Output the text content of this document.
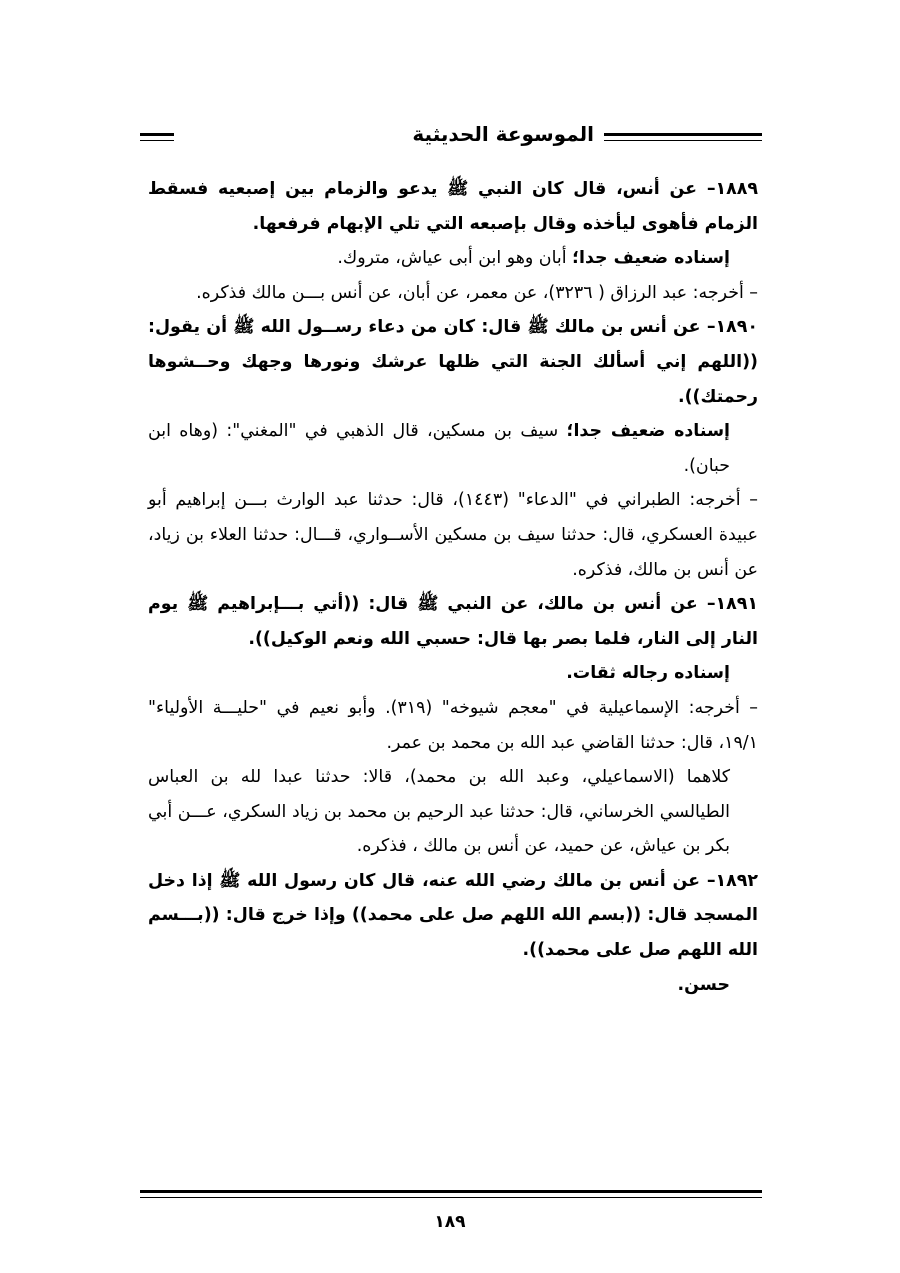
الموسوعة الحديثية

١٨٨٩– عن أنس، قال كان النبي ﷺ يدعو والزمام بين إصبعيه فسقط الزمام فأهوى ليأخذه وقال بإصبعه التي تلي الإبهام فرفعها.

إسناده ضعيف جدا؛ أبان وهو ابن أبى عياش، متروك.

– أخرجه: عبد الرزاق ( ٣٢٣٦)، عن معمر، عن أبان، عن أنس بـــن مالك فذكره.

١٨٩٠– عن أنس بن مالك ﷺ قال: كان من دعاء رســول الله ﷺ أن يقول: ((اللهم إني أسألك الجنة التي ظلها عرشك ونورها وجهك وحــشوها رحمتك)).

إسناده ضعيف جدا؛ سيف بن مسكين، قال الذهبي في "المغني": (وهاه ابن حبان).

– أخرجه: الطبراني في "الدعاء" (١٤٤٣)، قال: حدثنا عبد الوارث بـــن إبراهيم أبو عبيدة العسكري، قال: حدثنا سيف بن مسكين الأســواري، قـــال: حدثنا العلاء بن زياد، عن أنس بن مالك، فذكره.

١٨٩١– عن أنس بن مالك، عن النبي ﷺ قال: ((أتي بـــإبراهيم ﷺ يوم النار إلى النار، فلما بصر بها قال: حسبي الله ونعم الوكيل)).

إسناده رجاله ثقات.

– أخرجه: الإسماعيلية في "معجم شيوخه" (٣١٩). وأبو نعيم في "حليـــة الأولياء" ١٩/١، قال: حدثنا القاضي عبد الله بن محمد بن عمر.

كلاهما (الاسماعيلي، وعبد الله بن محمد)، قالا: حدثنا عبدا لله بن العباس الطيالسي الخرساني، قال: حدثنا عبد الرحيم بن محمد بن زياد السكري، عـــن أبي بكر بن عياش، عن حميد، عن أنس بن مالك ، فذكره.

١٨٩٢– عن أنس بن مالك رضي الله عنه، قال كان رسول الله ﷺ إذا دخل المسجد قال: ((بسم الله اللهم صل على محمد)) وإذا خرج قال: ((بـــسم الله اللهم صل على محمد)).

حسن.

١٨٩
